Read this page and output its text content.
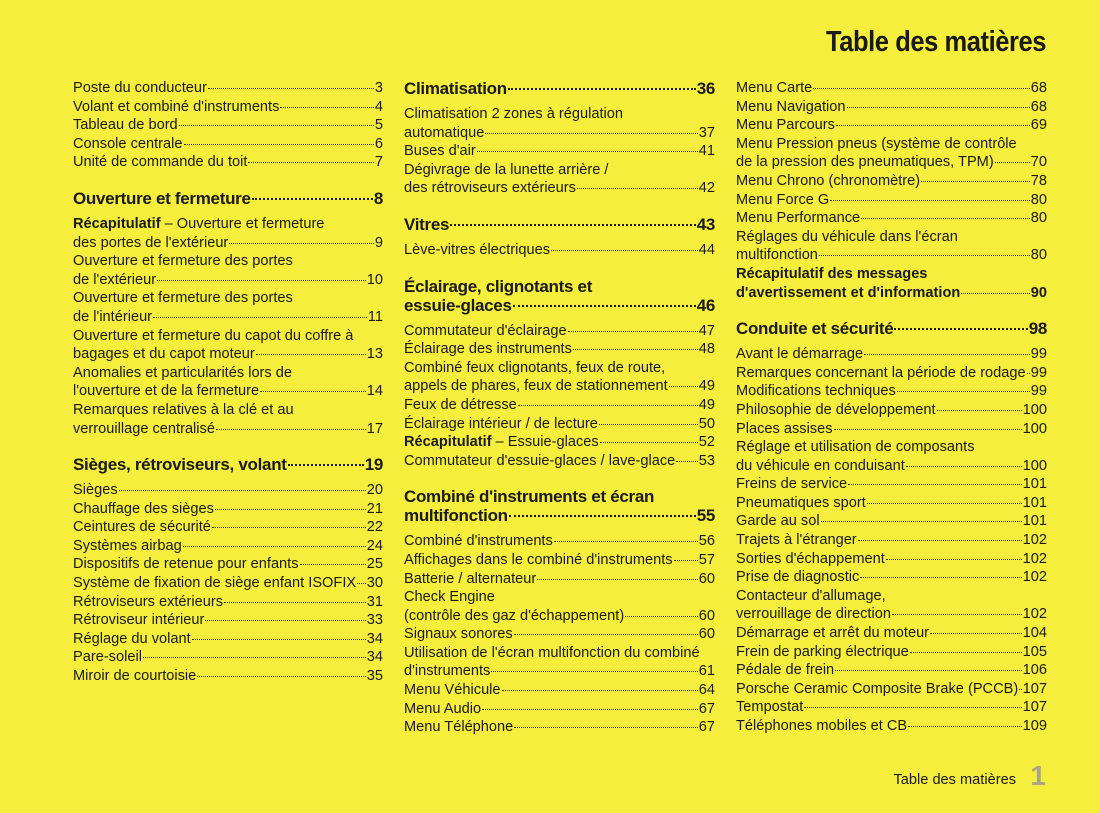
Table des matières
Poste du conducteur	3
Volant et combiné d'instruments	4
Tableau de bord	5
Console centrale	6
Unité de commande du toit	7
Ouverture et fermeture	8
Récapitulatif – Ouverture et fermeture
des portes de l'extérieur	9
Ouverture et fermeture des portes
de l'extérieur	10
Ouverture et fermeture des portes
de l'intérieur	11
Ouverture et fermeture du capot du coffre à
bagages et du capot moteur	13
Anomalies et particularités lors de
l'ouverture et de la fermeture	14
Remarques relatives à la clé et au
verrouillage centralisé	17
Sièges, rétroviseurs, volant	19
Sièges	20
Chauffage des sièges	21
Ceintures de sécurité	22
Systèmes airbag	24
Dispositifs de retenue pour enfants	25
Système de fixation de siège enfant ISOFIX 30
Rétroviseurs extérieurs	31
Rétroviseur intérieur	33
Réglage du volant	34
Pare-soleil	34
Miroir de courtoisie	35
Climatisation	36
Climatisation 2 zones à régulation
automatique	37
Buses d'air	41
Dégivrage de la lunette arrière /
des rétroviseurs extérieurs	42
Vitres	43
Lève-vitres électriques	44
Éclairage, clignotants et
essuie-glaces	46
Commutateur d'éclairage	47
Éclairage des instruments	48
Combiné feux clignotants, feux de route,
appels de phares, feux de stationnement 49
Feux de détresse	49
Éclairage intérieur / de lecture	50
Récapitulatif – Essuie-glaces	52
Commutateur d'essuie-glaces / lave-glace 53
Combiné d'instruments et écran
multifonction	55
Combiné d'instruments	56
Affichages dans le combiné d'instruments 57
Batterie / alternateur	60
Check Engine
(contrôle des gaz d'échappement)	60
Signaux sonores	60
Utilisation de l'écran multifonction du combiné
d'instruments	61
Menu Véhicule	64
Menu Audio	67
Menu Téléphone	67
Menu Carte	68
Menu Navigation	68
Menu Parcours	69
Menu Pression pneus (système de contrôle
de la pression des pneumatiques, TPM)	70
Menu Chrono (chronomètre)	78
Menu Force G	80
Menu Performance	80
Réglages du véhicule dans l'écran
multifonction	80
Récapitulatif des messages
d'avertissement et d'information	90
Conduite et sécurité	98
Avant le démarrage	99
Remarques concernant la période de rodage 99
Modifications techniques	99
Philosophie de développement	100
Places assises	100
Réglage et utilisation de composants
du véhicule en conduisant	100
Freins de service	101
Pneumatiques sport	101
Garde au sol	101
Trajets à l'étranger	102
Sorties d'échappement	102
Prise de diagnostic	102
Contacteur d'allumage,
verrouillage de direction	102
Démarrage et arrêt du moteur	104
Frein de parking électrique	105
Pédale de frein	106
Porsche Ceramic Composite Brake (PCCB) 107
Tempostat	107
Téléphones mobiles et CB	109
Table des matières 1
